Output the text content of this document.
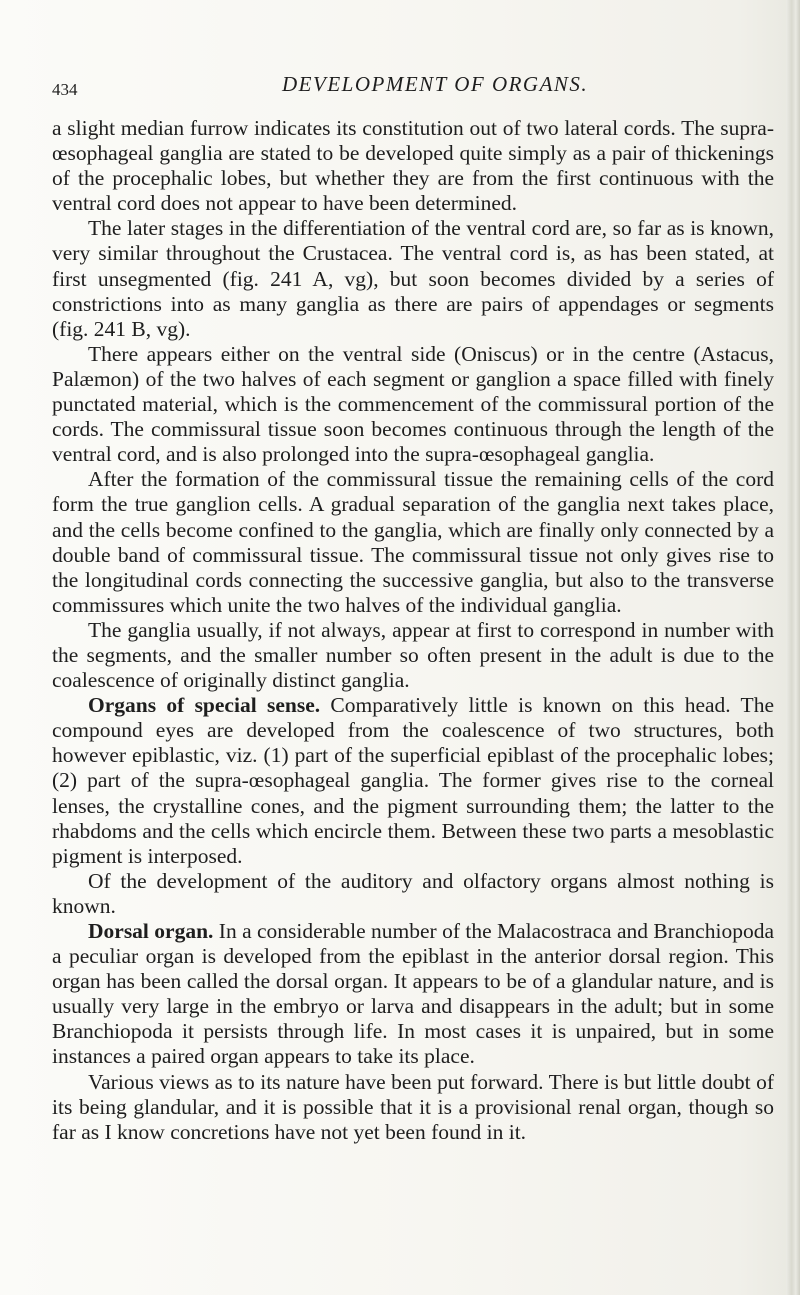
434	DEVELOPMENT OF ORGANS.

a slight median furrow indicates its constitution out of two lateral cords. The supra-œsophageal ganglia are stated to be developed quite simply as a pair of thickenings of the procephalic lobes, but whether they are from the first continuous with the ventral cord does not appear to have been determined.

The later stages in the differentiation of the ventral cord are, so far as is known, very similar throughout the Crustacea. The ventral cord is, as has been stated, at first unsegmented (fig. 241 A, vg), but soon becomes divided by a series of constrictions into as many ganglia as there are pairs of appendages or segments (fig. 241 B, vg).

There appears either on the ventral side (Oniscus) or in the centre (Astacus, Palæmon) of the two halves of each segment or ganglion a space filled with finely punctated material, which is the commencement of the commissural portion of the cords. The commissural tissue soon becomes continuous through the length of the ventral cord, and is also prolonged into the supra-œsophageal ganglia.

After the formation of the commissural tissue the remaining cells of the cord form the true ganglion cells. A gradual separation of the ganglia next takes place, and the cells become confined to the ganglia, which are finally only connected by a double band of commissural tissue. The commissural tissue not only gives rise to the longitudinal cords connecting the successive ganglia, but also to the transverse commissures which unite the two halves of the individual ganglia.

The ganglia usually, if not always, appear at first to correspond in number with the segments, and the smaller number so often present in the adult is due to the coalescence of originally distinct ganglia.

Organs of special sense. Comparatively little is known on this head. The compound eyes are developed from the coalescence of two structures, both however epiblastic, viz. (1) part of the superficial epiblast of the procephalic lobes; (2) part of the supra-œsophageal ganglia. The former gives rise to the corneal lenses, the crystalline cones, and the pigment surrounding them; the latter to the rhabdoms and the cells which encircle them. Between these two parts a mesoblastic pigment is interposed.

Of the development of the auditory and olfactory organs almost nothing is known.

Dorsal organ. In a considerable number of the Malacostraca and Branchiopoda a peculiar organ is developed from the epiblast in the anterior dorsal region. This organ has been called the dorsal organ. It appears to be of a glandular nature, and is usually very large in the embryo or larva and disappears in the adult; but in some Branchiopoda it persists through life. In most cases it is unpaired, but in some instances a paired organ appears to take its place.

Various views as to its nature have been put forward. There is but little doubt of its being glandular, and it is possible that it is a provisional renal organ, though so far as I know concretions have not yet been found in it.
